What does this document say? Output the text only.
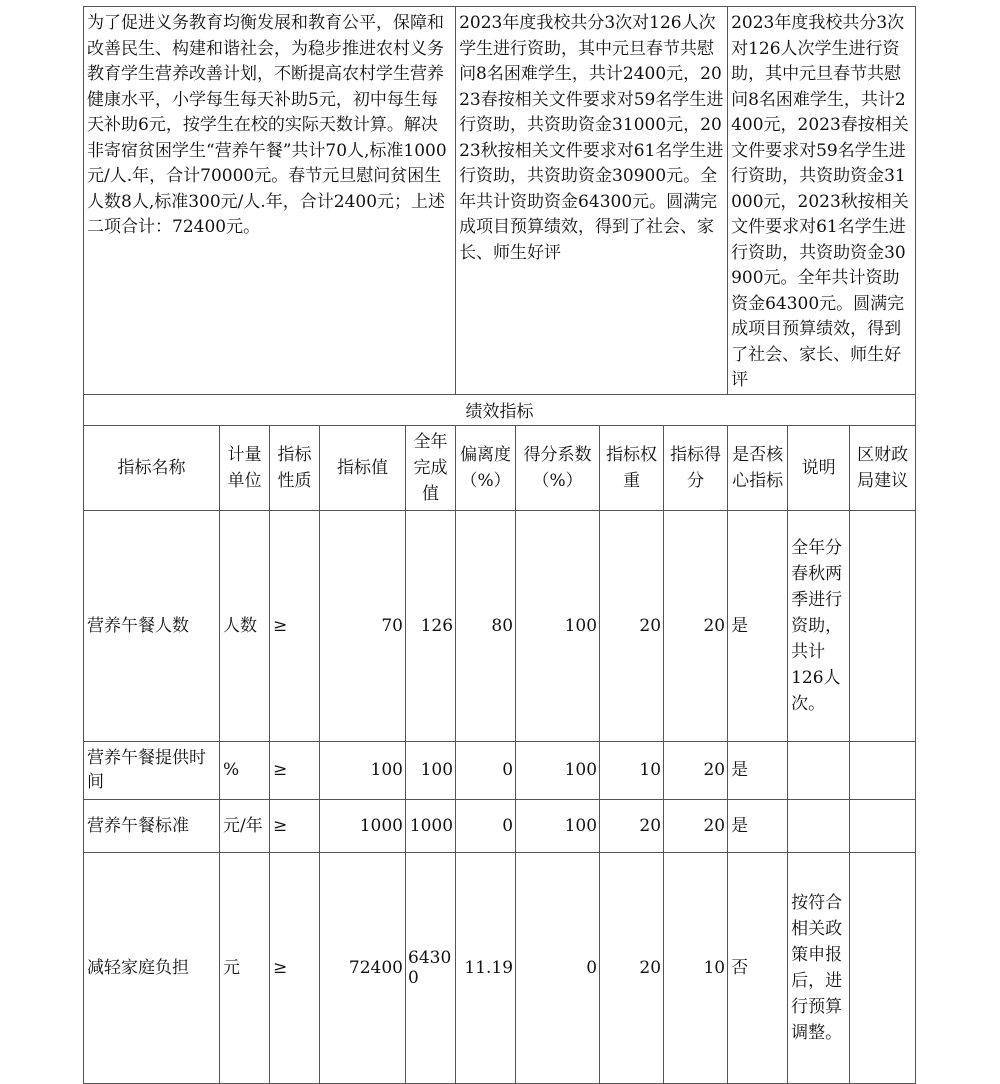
为了促进义务教育均衡发展和教育公平，保障和改善民生、构建和谐社会，为稳步推进农村义务教育学生营养改善计划，不断提高农村学生营养健康水平，小学每生每天补助5元，初中每生每天补助6元，按学生在校的实际天数计算。解决非寄宿贫困学生“营养午餐”共计70人,标准1000元/人.年，合计70000元。春节元旦慰问贫困生人数8人,标准300元/人.年，合计2400元；上述二项合计：72400元。					2023年度我校共分3次对126人次学生进行资助，其中元旦春节共慰问8名困难学生，共计2400元，2023春按相关文件要求对59名学生进行资助，共资助资金31000元，2023秋按相关文件要求对61名学生进行资助，共资助资金30900元。全年共计资助资金64300元。圆满完成项目预算绩效，得到了社会、家长、师生好评				2023年度我校共分3次对126人次学生进行资助，其中元旦春节共慰问8名困难学生，共计2400元，2023春按相关文件要求对59名学生进行资助，共资助资金31000元，2023秋按相关文件要求对61名学生进行资助，共资助资金30900元。全年共计资助资金64300元。圆满完成项目预算绩效，得到了社会、家长、师生好评		

绩效指标											
指标名称	计量单位	指标性质	指标值	全年完成值	偏离度（%）	得分系数（%）	指标权重	指标得分	是否核心指标	说明	区财政局建议
营养午餐人数	人数	≥	70	126	80	100	20	20	是	全年分春秋两季进行资助，共计126人次。	
营养午餐提供时间	%	≥	100	100	0	100	10	20	是		
营养午餐标准	元/年	≥	1000	1000	0	100	20	20	是		
减轻家庭负担	元	≥	72400	64300	11.19	0	20	10	否	按符合相关政策申报后，进行预算调整。	
